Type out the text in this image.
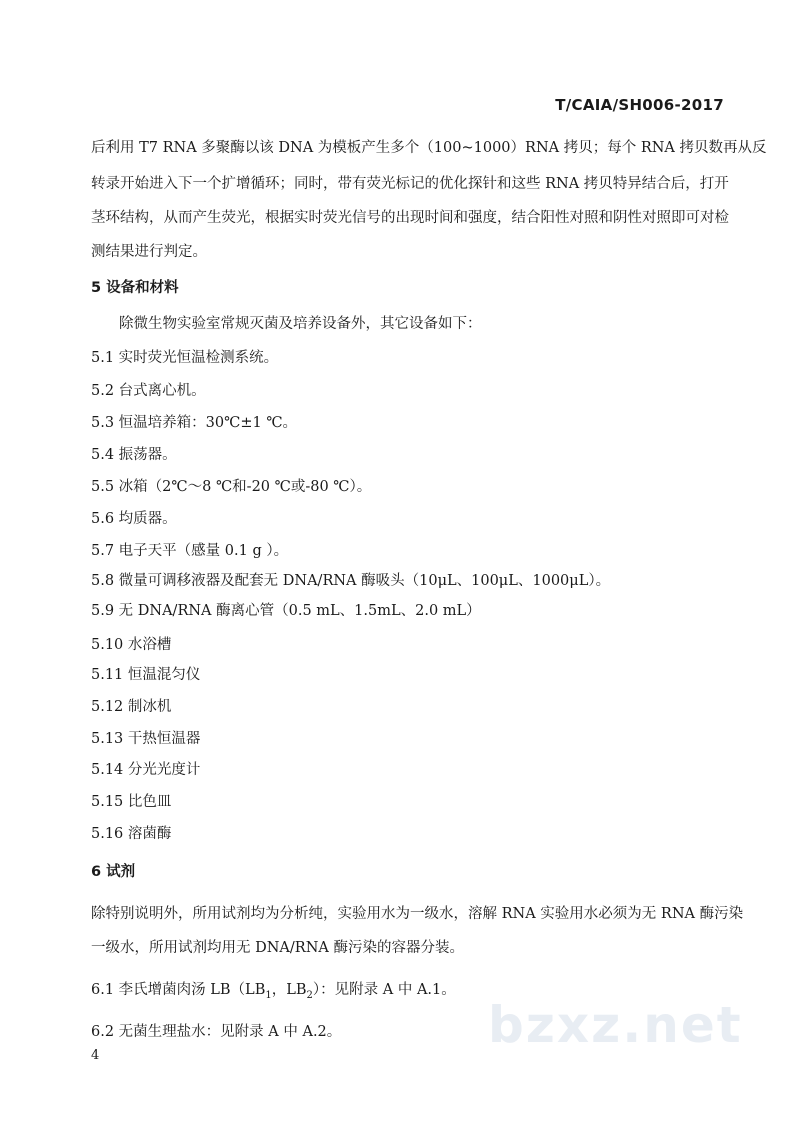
T/CAIA/SH006-2017
后利用 T7 RNA 多聚酶以该 DNA 为模板产生多个（100~1000）RNA 拷贝；每个 RNA 拷贝数再从反
转录开始进入下一个扩增循环；同时，带有荧光标记的优化探针和这些 RNA 拷贝特异结合后，打开
茎环结构，从而产生荧光，根据实时荧光信号的出现时间和强度，结合阳性对照和阴性对照即可对检
测结果进行判定。
5 设备和材料
除微生物实验室常规灭菌及培养设备外，其它设备如下：
5.1 实时荧光恒温检测系统。
5.2 台式离心机。
5.3 恒温培养箱：30℃±1 ℃。
5.4 振荡器。
5.5 冰箱（2℃～8 ℃和-20 ℃或-80 ℃）。
5.6 均质器。
5.7 电子天平（感量 0.1 g ）。
5.8 微量可调移液器及配套无 DNA/RNA 酶吸头（10μL、100μL、1000μL）。
5.9 无 DNA/RNA 酶离心管（0.5 mL、1.5mL、2.0 mL）
5.10 水浴槽
5.11 恒温混匀仪
5.12 制冰机
5.13 干热恒温器
5.14 分光光度计
5.15 比色皿
5.16 溶菌酶
6 试剂
除特别说明外，所用试剂均为分析纯，实验用水为一级水，溶解 RNA 实验用水必须为无 RNA 酶污染
一级水，所用试剂均用无 DNA/RNA 酶污染的容器分装。
6.1 李氏增菌肉汤 $LB(LB_1$，$LB_2$）：见附录 A 中 A.1。
6.2 无菌生理盐水：见附录 A 中 A.2。
4
bzxz.net
